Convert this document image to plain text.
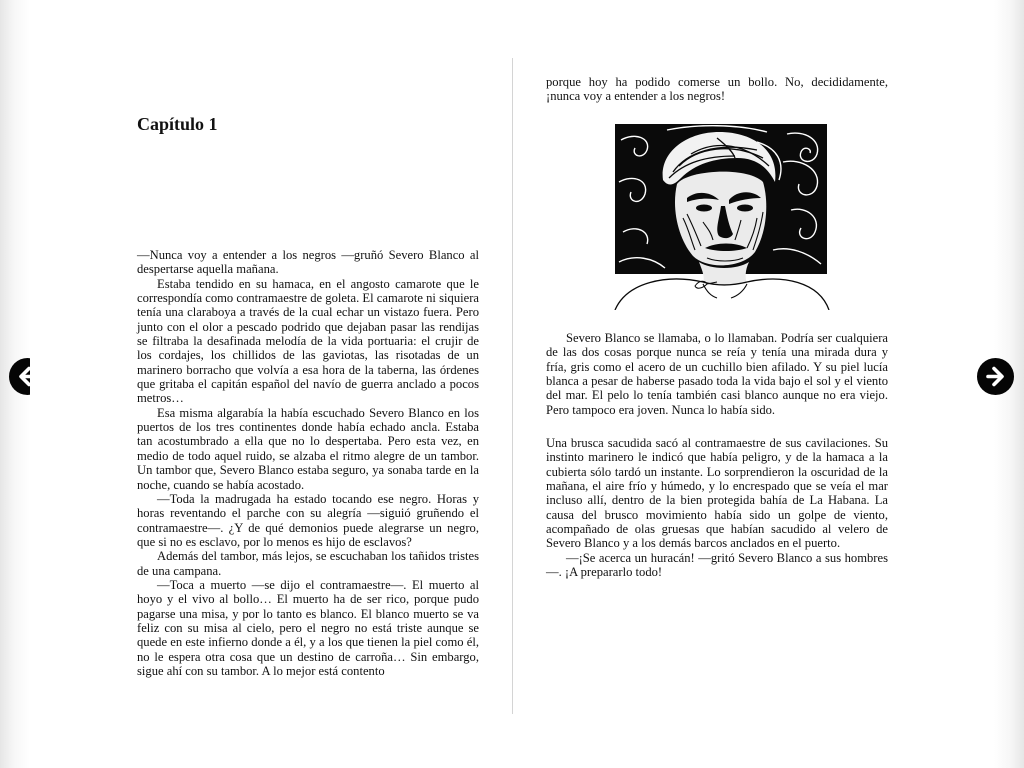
Capítulo 1

—Nunca voy a entender a los negros —gruñó Severo Blanco al despertarse aquella mañana.

Estaba tendido en su hamaca, en el angosto camarote que le correspondía como contramaestre de goleta. El camarote ni siquiera tenía una claraboya a través de la cual echar un vistazo fuera. Pero junto con el olor a pescado podrido que dejaban pasar las rendijas se filtraba la desafinada melodía de la vida portuaria: el crujir de los cordajes, los chillidos de las gaviotas, las risotadas de un marinero borracho que volvía a esa hora de la taberna, las órdenes que gritaba el capitán español del navío de guerra anclado a pocos metros…

Esa misma algarabía la había escuchado Severo Blanco en los puertos de los tres continentes donde había echado ancla. Estaba tan acostumbrado a ella que no lo despertaba. Pero esta vez, en medio de todo aquel ruido, se alzaba el ritmo alegre de un tambor. Un tambor que, Severo Blanco estaba seguro, ya sonaba tarde en la noche, cuando se había acostado.

—Toda la madrugada ha estado tocando ese negro. Horas y horas reventando el parche con su alegría —siguió gruñendo el contramaestre—. ¿Y de qué demonios puede alegrarse un negro, que si no es esclavo, por lo menos es hijo de esclavos?

Además del tambor, más lejos, se escuchaban los tañidos tristes de una campana.

—Toca a muerto —se dijo el contramaestre—. El muerto al hoyo y el vivo al bollo… El muerto ha de ser rico, porque pudo pagarse una misa, y por lo tanto es blanco. El blanco muerto se va feliz con su misa al cielo, pero el negro no está triste aunque se quede en este infierno donde a él, y a los que tienen la piel como él, no le espera otra cosa que un destino de carroña… Sin embargo, sigue ahí con su tambor. A lo mejor está contento

porque hoy ha podido comerse un bollo. No, decididamente, ¡nunca voy a entender a los negros!

Severo Blanco se llamaba, o lo llamaban. Podría ser cualquiera de las dos cosas porque nunca se reía y tenía una mirada dura y fría, gris como el acero de un cuchillo bien afilado. Y su piel lucía blanca a pesar de haberse pasado toda la vida bajo el sol y el viento del mar. El pelo lo tenía también casi blanco aunque no era viejo. Pero tampoco era joven. Nunca lo había sido.

Una brusca sacudida sacó al contramaestre de sus cavilaciones. Su instinto marinero le indicó que había peligro, y de la hamaca a la cubierta sólo tardó un instante. Lo sorprendieron la oscuridad de la mañana, el aire frío y húmedo, y lo encrespado que se veía el mar incluso allí, dentro de la bien protegida bahía de La Habana. La causa del brusco movimiento había sido un golpe de viento, acompañado de olas gruesas que habían sacudido al velero de Severo Blanco y a los demás barcos anclados en el puerto.

—¡Se acerca un huracán! —gritó Severo Blanco a sus hombres—. ¡A prepararlo todo!
